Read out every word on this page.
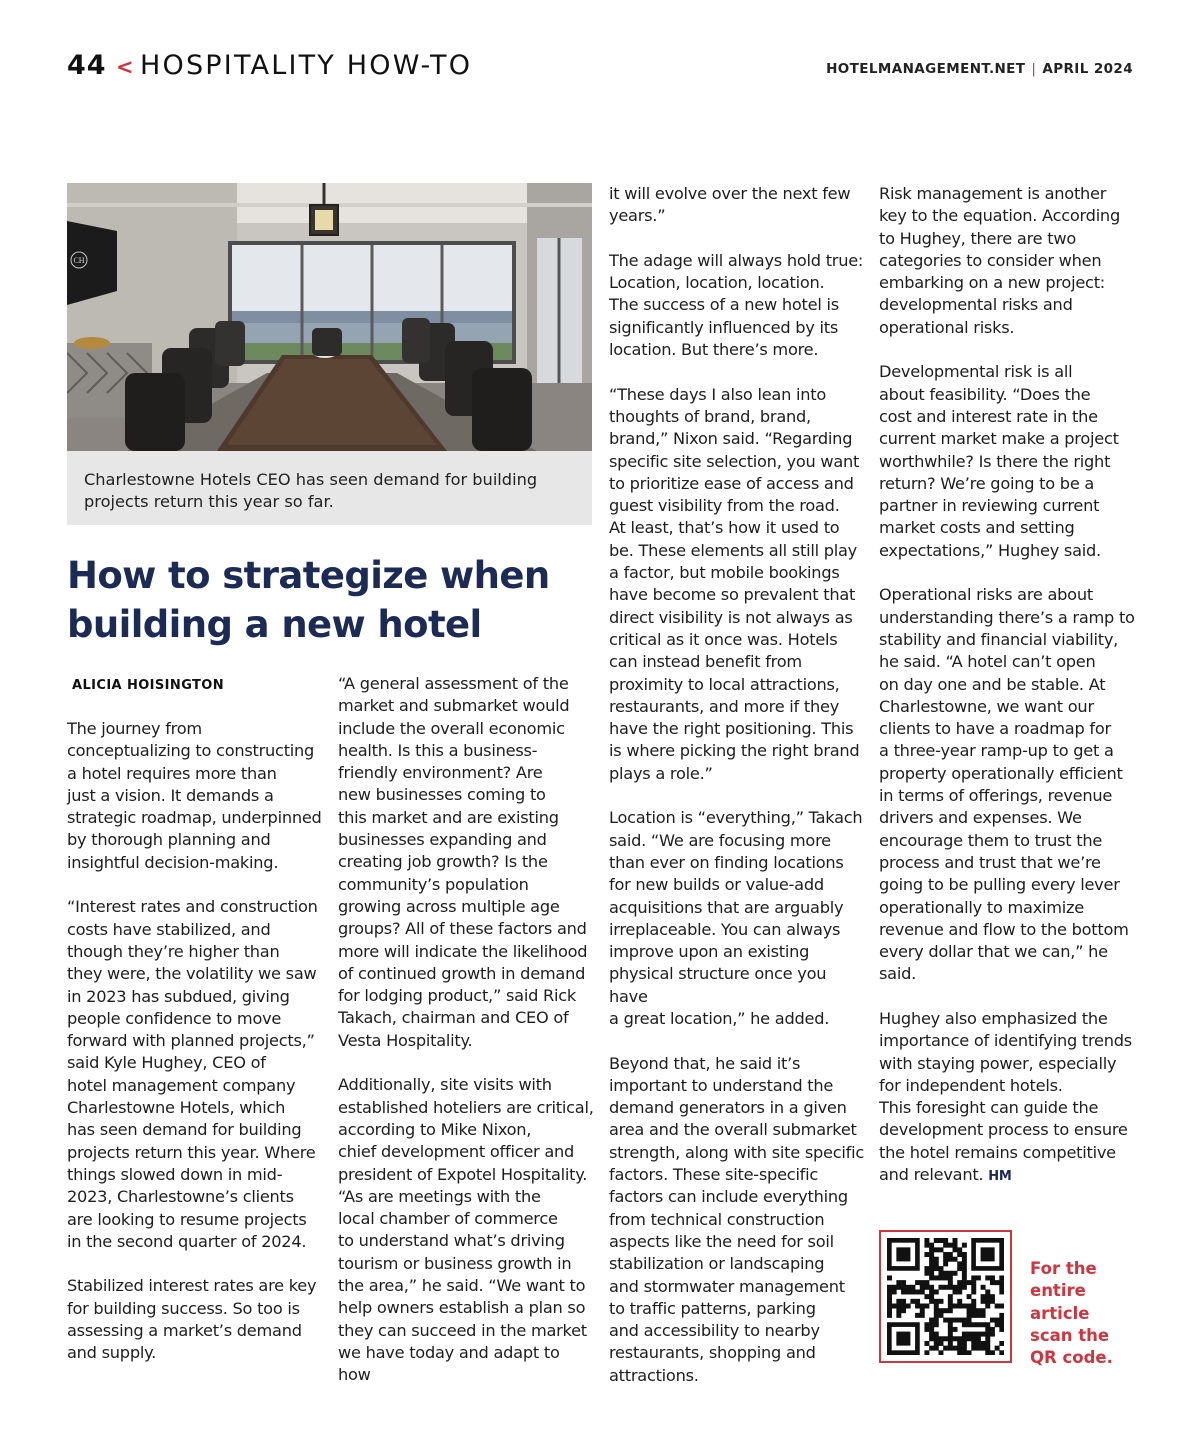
44 < HOSPITALITY HOW-TO	HOTELMANAGEMENT.NET | APRIL 2024
CH
Charlestowne Hotels CEO has seen demand for building projects return this year so far.
How to strategize when
building a new hotel
ALICIA HOISINGTON

The journey from
conceptualizing to constructing
a hotel requires more than
just a vision. It demands a
strategic roadmap, underpinned
by thorough planning and
insightful decision-making.

“Interest rates and construction
costs have stabilized, and
though they’re higher than
they were, the volatility we saw
in 2023 has subdued, giving
people confidence to move
forward with planned projects,”
said Kyle Hughey, CEO of
hotel management company
Charlestowne Hotels, which
has seen demand for building
projects return this year. Where
things slowed down in mid-
2023, Charlestowne’s clients
are looking to resume projects
in the second quarter of 2024.

Stabilized interest rates are key
for building success. So too is
assessing a market’s demand
and supply.

“A general assessment of the
market and submarket would
include the overall economic
health. Is this a business-
friendly environment? Are
new businesses coming to
this market and are existing
businesses expanding and
creating job growth? Is the
community’s population
growing across multiple age
groups? All of these factors and
more will indicate the likelihood
of continued growth in demand
for lodging product,” said Rick
Takach, chairman and CEO of
Vesta Hospitality.

Additionally, site visits with
established hoteliers are critical,
according to Mike Nixon,
chief development officer and
president of Expotel Hospitality.
“As are meetings with the
local chamber of commerce
to understand what’s driving
tourism or business growth in
the area,” he said. “We want to
help owners establish a plan so
they can succeed in the market
we have today and adapt to how

it will evolve over the next few
years.”

The adage will always hold true:
Location, location, location.
The success of a new hotel is
significantly influenced by its
location. But there’s more.

“These days I also lean into
thoughts of brand, brand,
brand,” Nixon said. “Regarding
specific site selection, you want
to prioritize ease of access and
guest visibility from the road.
At least, that’s how it used to
be. These elements all still play
a factor, but mobile bookings
have become so prevalent that
direct visibility is not always as
critical as it once was. Hotels
can instead benefit from
proximity to local attractions,
restaurants, and more if they
have the right positioning. This
is where picking the right brand
plays a role.”

Location is “everything,” Takach
said. “We are focusing more
than ever on finding locations
for new builds or value-add
acquisitions that are arguably
irreplaceable. You can always
improve upon an existing
physical structure once you have
a great location,” he added.

Beyond that, he said it’s
important to understand the
demand generators in a given
area and the overall submarket
strength, along with site specific
factors. These site-specific
factors can include everything
from technical construction
aspects like the need for soil
stabilization or landscaping
and stormwater management
to traffic patterns, parking
and accessibility to nearby
restaurants, shopping and
attractions.

Risk management is another
key to the equation. According
to Hughey, there are two
categories to consider when
embarking on a new project:
developmental risks and
operational risks.

Developmental risk is all
about feasibility. “Does the
cost and interest rate in the
current market make a project
worthwhile? Is there the right
return? We’re going to be a
partner in reviewing current
market costs and setting
expectations,” Hughey said.

Operational risks are about
understanding there’s a ramp to
stability and financial viability,
he said. “A hotel can’t open
on day one and be stable. At
Charlestowne, we want our
clients to have a roadmap for
a three-year ramp-up to get a
property operationally efficient
in terms of offerings, revenue
drivers and expenses. We
encourage them to trust the
process and trust that we’re
going to be pulling every lever
operationally to maximize
revenue and flow to the bottom
every dollar that we can,” he
said.

Hughey also emphasized the
importance of identifying trends
with staying power, especially
for independent hotels.
This foresight can guide the
development process to ensure
the hotel remains competitive
and relevant. HM

For the
entire
article
scan the
QR code.
